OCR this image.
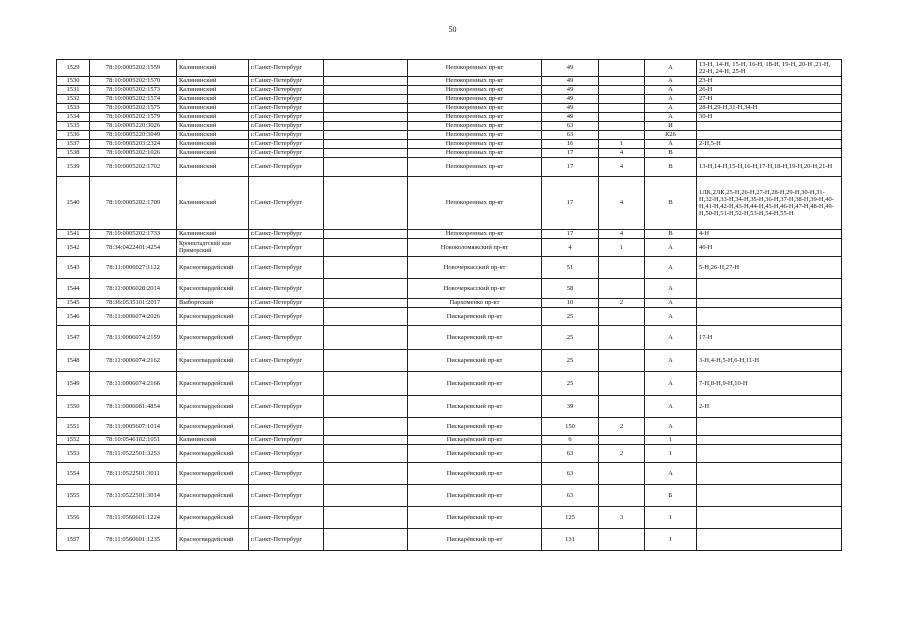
50
1529	78:10:0005202:1559	Калининский	г.Санкт-Петербург		Непокоренных пр-кт	49		А	13-Н, 14-Н, 15-Н, 16-Н, 18-Н, 19-Н, 20-Н ,21-Н, 22-Н, 24-Н, 25-Н
1530	78:10:0005202:1570	Калининский	г.Санкт-Петербург		Непокоренных пр-кт	49		А	23-Н
1531	78:10:0005202:1573	Калининский	г.Санкт-Петербург		Непокоренных пр-кт	49		А	26-Н
1532	78:10:0005202:1574	Калининский	г.Санкт-Петербург		Непокоренных пр-кт	49		А	27-Н
1533	78:10:0005202:1575	Калининский	г.Санкт-Петербург		Непокоренных пр-кт	49		А	28-Н,29-Н,31-Н,34-Н
1534	78:10:0005202:1579	Калининский	г.Санкт-Петербург		Непокоренных пр-кт	49		А	30-Н
1535	78:10:0005220:3026	Калининский	г.Санкт-Петербург		Непокоренных пр-кт	63		И	
1536	78:10:0005220:3049	Калининский	г.Санкт-Петербург		Непокоренных пр-кт	63		К26	
1537	78:10:0005203:2324	Калининский	г.Санкт-Петербург		Непокоренных пр-кт	16	1	А	2-Н,5-Н
1538	78:10:0005202:1026	Калининский	г.Санкт-Петербург		Непокоренных пр-кт	17	4	В	
1539	78:10:0005202:1702	Калининский	г.Санкт-Петербург		Непокоренных пр-кт	17	4	В	13-Н,14-Н,15-Н,16-Н,17-Н,18-Н,19-Н,20-Н,21-Н
1540	78:10:0005202:1709	Калининский	г.Санкт-Петербург		Непокоренных пр-кт	17	4	В	1ЛК,2ЛК,25-Н,26-Н,27-Н,28-Н,29-Н,30-Н,31-Н,32-Н,33-Н,34-Н,35-Н,36-Н,37-Н,38-Н,39-Н,40-Н,41-Н,42-Н,43-Н,44-Н,45-Н,46-Н,47-Н,48-Н,49-Н,50-Н,51-Н,52-Н,53-Н,54-Н,55-Н
1541	78:10:0005202:1733	Калининский	г.Санкт-Петербург		Непокоренных пр-кт	17	4	В	4-Н
1542	78:34:0422401:4254	Кронштадтский или Приморский	г.Санкт-Петербург		Новоколомяжский пр-кт	4	1	А	46-Н
1543	78:11:0006027:1122	Красногвардейский	г.Санкт-Петербург		Новочеркасский пр-кт	51		А	5-Н,26-Н,27-Н
1544	78:11:0006028:2014	Красногвардейский	г.Санкт-Петербург		Новочеркасский пр-кт	58		А	
1545	78:36:0535101:2017	Выборгский	г.Санкт-Петербург		Пархоменко пр-кт	10	2	А	
1546	78:11:0006074:2026	Красногвардейский	г.Санкт-Петербург		Пискаревский пр-кт	25		А	
1547	78:11:0006074:2159	Красногвардейский	г.Санкт-Петербург		Пискаревский пр-кт	25		А	17-Н
1548	78:11:0006074:2162	Красногвардейский	г.Санкт-Петербург		Пискаревский пр-кт	25		А	3-Н,4-Н,5-Н,6-Н,11-Н
1549	78:11:0006074:2166	Красногвардейский	г.Санкт-Петербург		Пискаревский пр-кт	25		А	7-Н,8-Н,9-Н,10-Н
1550	78:11:0006081:4854	Красногвардейский	г.Санкт-Петербург		Пискаревский пр-кт	39		А	2-Н
1551	78:11:0005607:1014	Красногвардейский	г.Санкт-Петербург		Пискаревский пр-кт	150	2	А	
1552	78:10:0546102:1051	Калининский	г.Санкт-Петербург		Пискарёвский пр-кт	6		1	
1553	78:11:0522501:3253	Красногвардейский	г.Санкт-Петербург		Пискарёвский пр-кт	63	2	1	
1554	78:11:0522501:3011	Красногвардейский	г.Санкт-Петербург		Пискарёвский пр-кт	63		А	
1555	78:11:0522501:3014	Красногвардейский	г.Санкт-Петербург		Пискарёвский пр-кт	63		Б	
1556	78:11:0560601:1224	Красногвардейский	г.Санкт-Петербург		Пискарёвский пр-кт	125	3	1	
1557	78:11:0560601:1235	Красногвардейский	г.Санкт-Петербург		Пискарёвский пр-кт	131		1	
